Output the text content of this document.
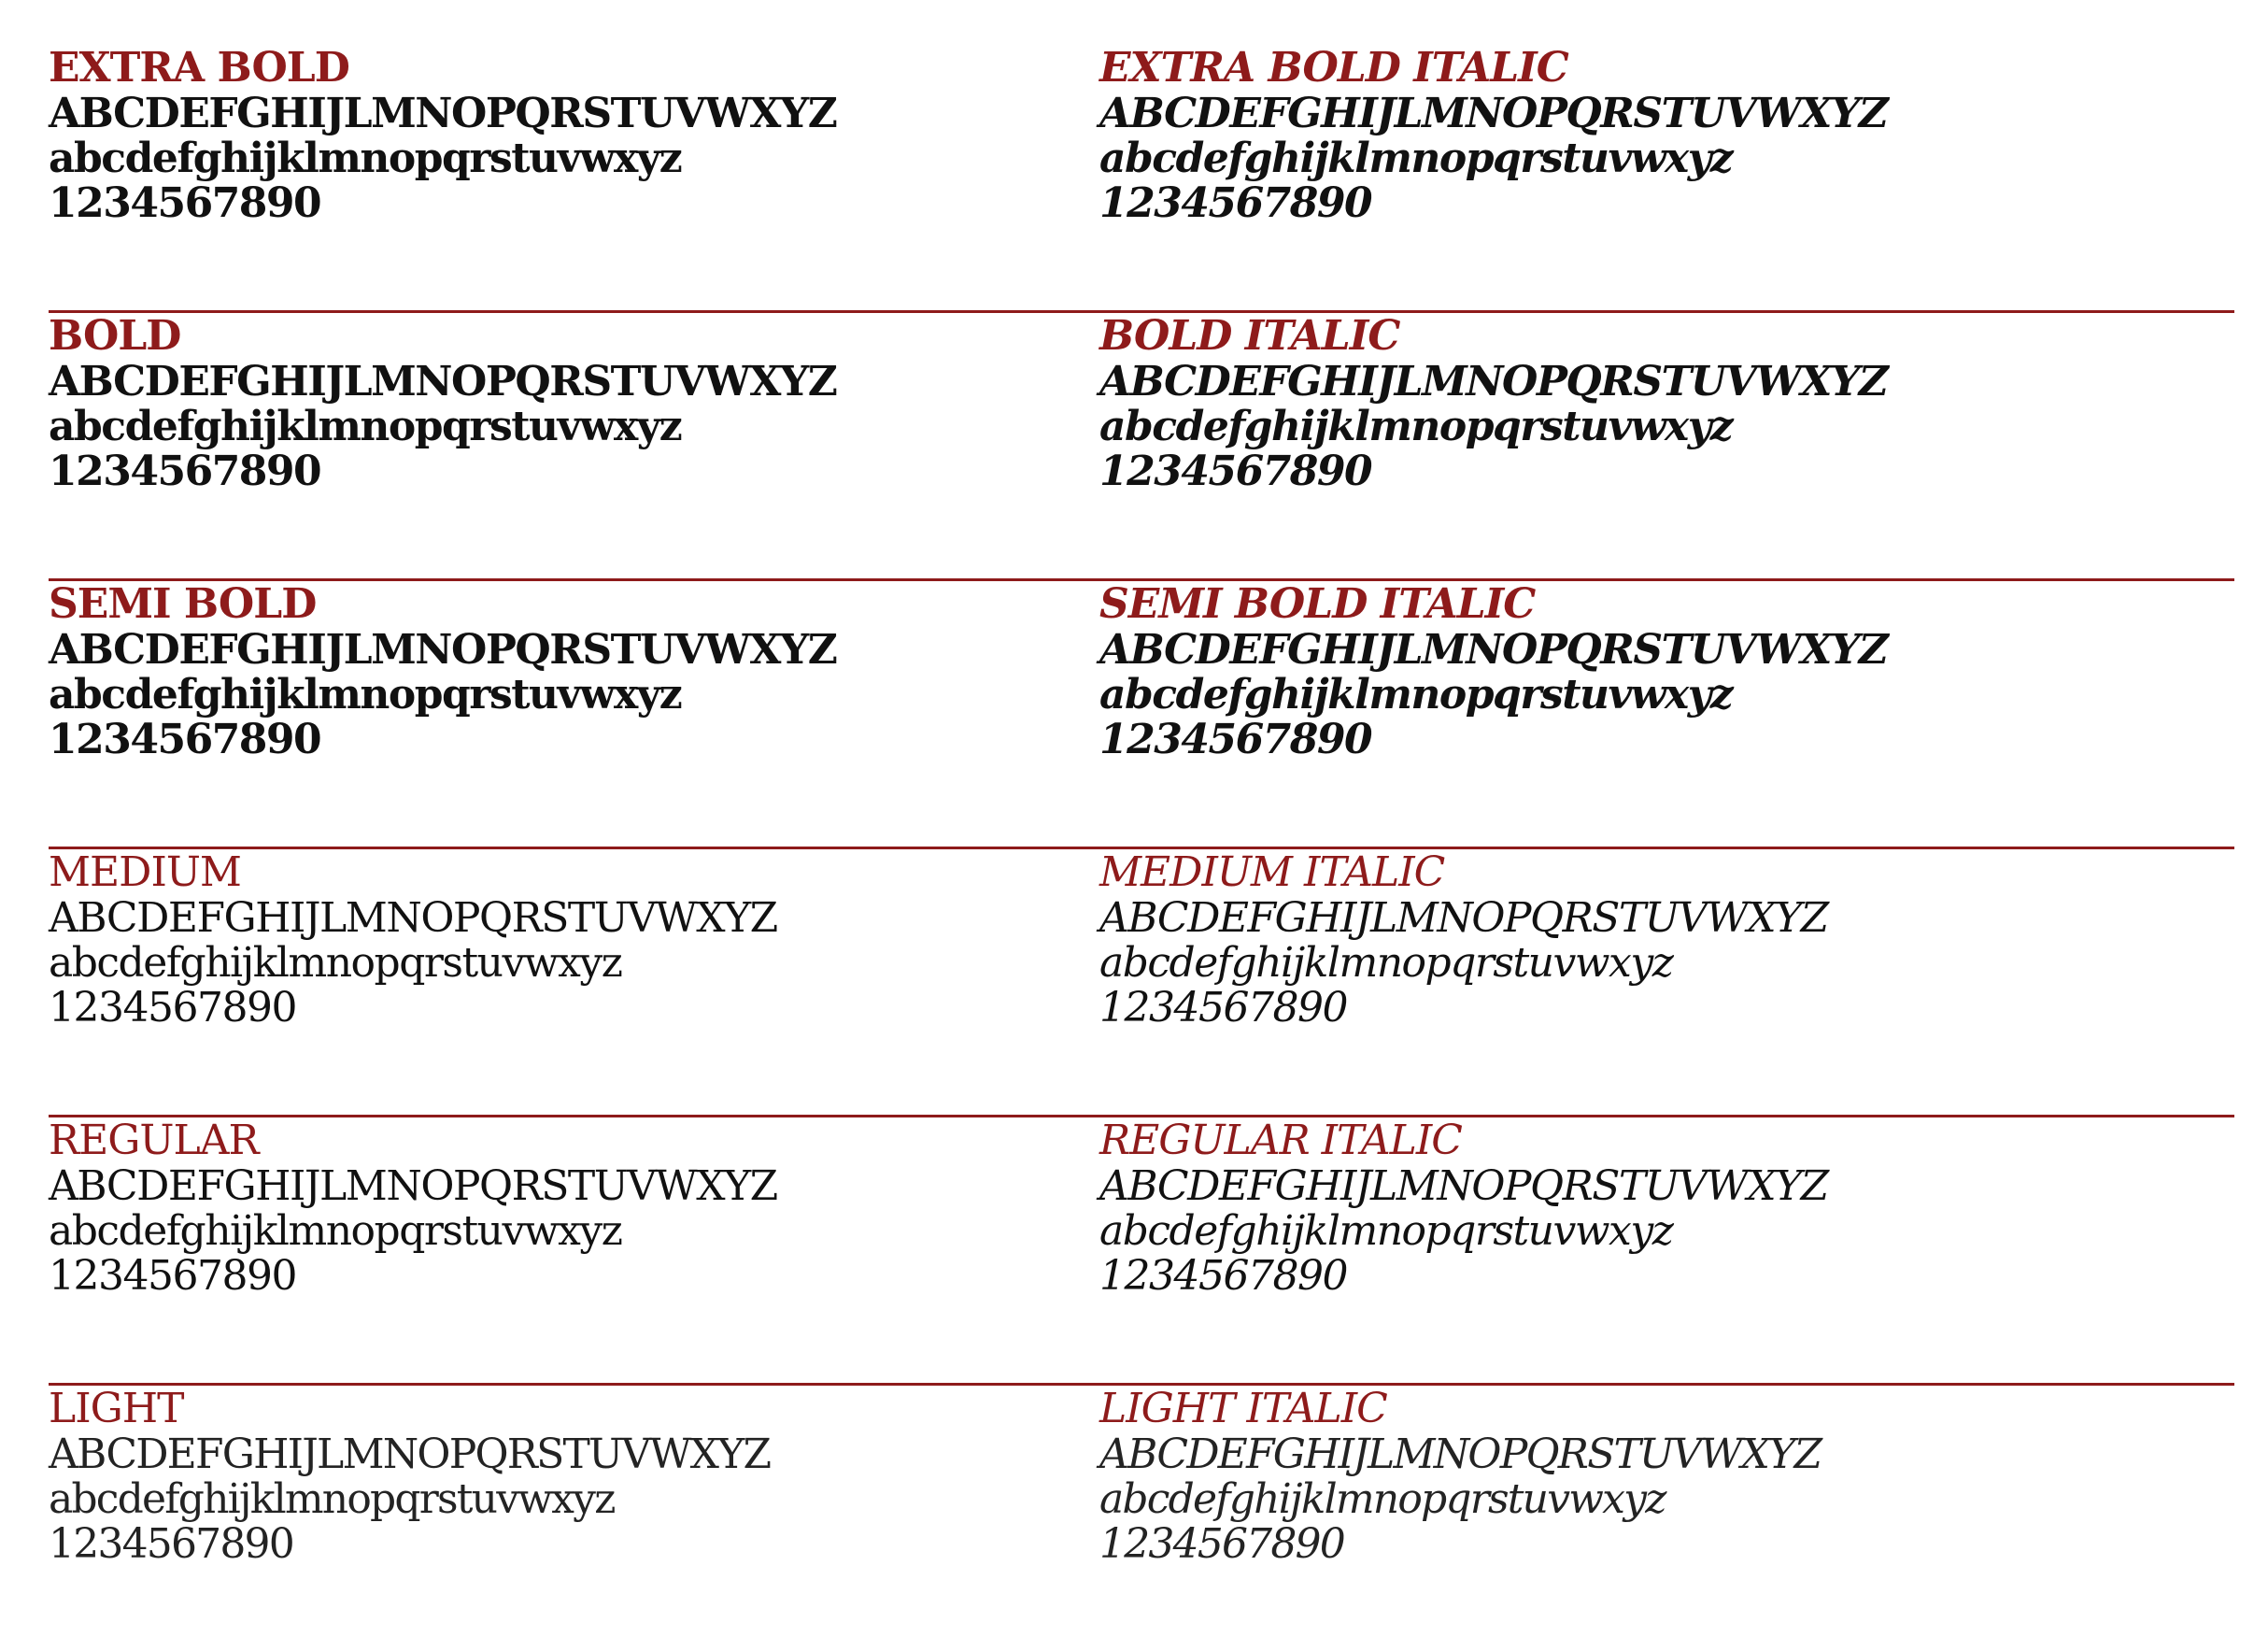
EXTRA BOLD
ABCDEFGHIJLMNOPQRSTUVWXYZ
abcdefghijklmnopqrstuvwxyz
1234567890
EXTRA BOLD ITALIC
ABCDEFGHIJLMNOPQRSTUVWXYZ
abcdefghijklmnopqrstuvwxyz
1234567890
BOLD
ABCDEFGHIJLMNOPQRSTUVWXYZ
abcdefghijklmnopqrstuvwxyz
1234567890
BOLD ITALIC
ABCDEFGHIJLMNOPQRSTUVWXYZ
abcdefghijklmnopqrstuvwxyz
1234567890
SEMI BOLD
ABCDEFGHIJLMNOPQRSTUVWXYZ
abcdefghijklmnopqrstuvwxyz
1234567890
SEMI BOLD ITALIC
ABCDEFGHIJLMNOPQRSTUVWXYZ
abcdefghijklmnopqrstuvwxyz
1234567890
MEDIUM
ABCDEFGHIJLMNOPQRSTUVWXYZ
abcdefghijklmnopqrstuvwxyz
1234567890
MEDIUM ITALIC
ABCDEFGHIJLMNOPQRSTUVWXYZ
abcdefghijklmnopqrstuvwxyz
1234567890
REGULAR
ABCDEFGHIJLMNOPQRSTUVWXYZ
abcdefghijklmnopqrstuvwxyz
1234567890
REGULAR ITALIC
ABCDEFGHIJLMNOPQRSTUVWXYZ
abcdefghijklmnopqrstuvwxyz
1234567890
LIGHT
ABCDEFGHIJLMNOPQRSTUVWXYZ
abcdefghijklmnopqrstuvwxyz
1234567890
LIGHT ITALIC
ABCDEFGHIJLMNOPQRSTUVWXYZ
abcdefghijklmnopqrstuvwxyz
1234567890
